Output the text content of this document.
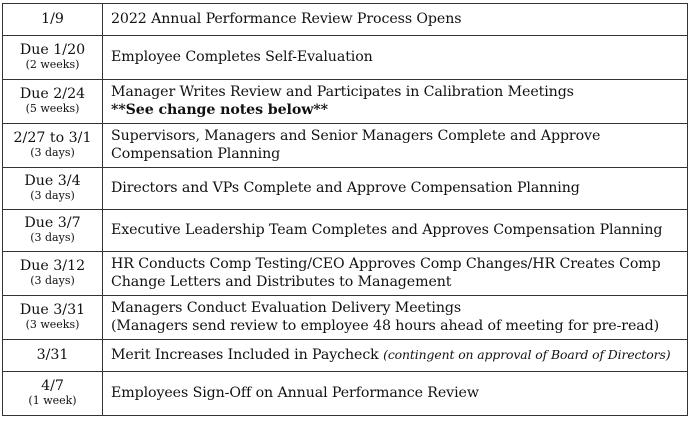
1/9	2022 Annual Performance Review Process Opens

Due 1/20
(2 weeks)	Employee Completes Self-Evaluation

Due 2/24
(5 weeks)	Manager Writes Review and Participates in Calibration Meetings
**See change notes below**

2/27 to 3/1
(3 days)	Supervisors, Managers and Senior Managers Complete and Approve Compensation Planning

Due 3/4
(3 days)	Directors and VPs Complete and Approve Compensation Planning

Due 3/7
(3 days)	Executive Leadership Team Completes and Approves Compensation Planning

Due 3/12
(3 days)	HR Conducts Comp Testing/CEO Approves Comp Changes/HR Creates Comp Change Letters and Distributes to Management

Due 3/31
(3 weeks)	Managers Conduct Evaluation Delivery Meetings
(Managers send review to employee 48 hours ahead of meeting for pre-read)

3/31	Merit Increases Included in Paycheck (contingent on approval of Board of Directors)

4/7
(1 week)	Employees Sign-Off on Annual Performance Review
